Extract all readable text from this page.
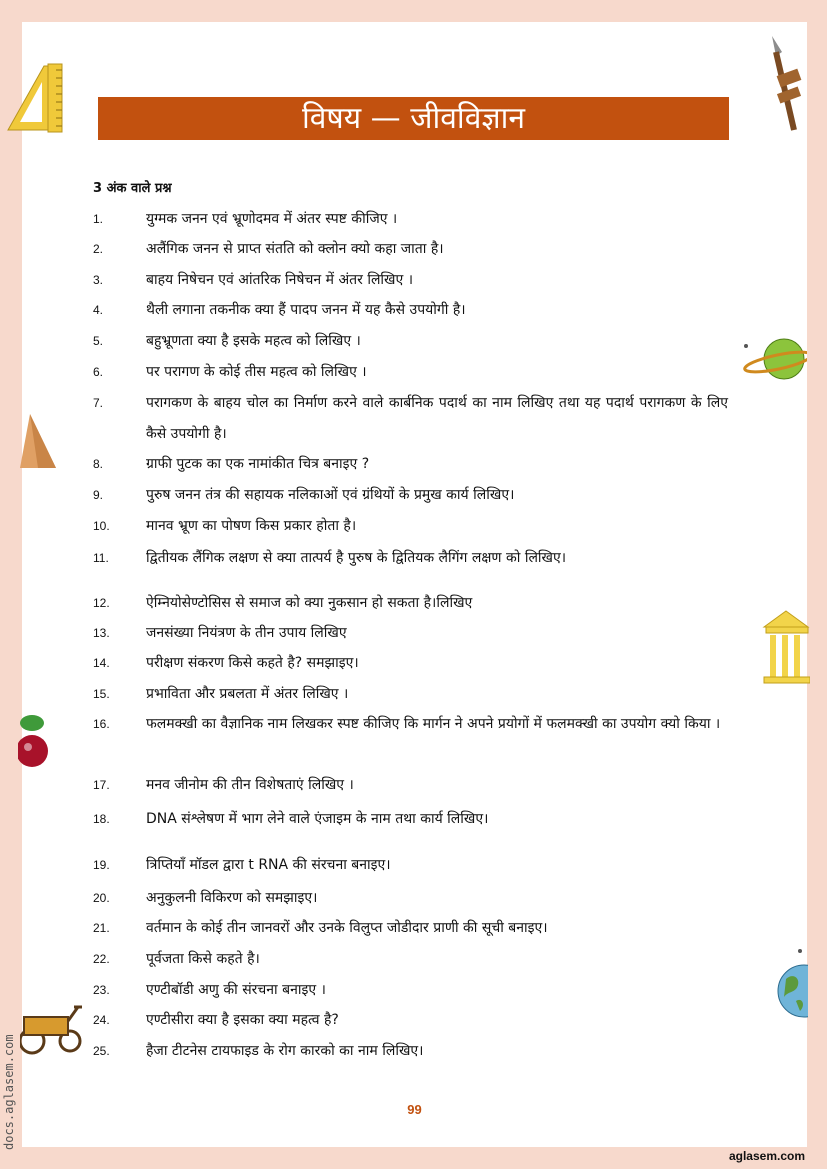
विषय — जीवविज्ञान
3 अंक वाले प्रश्न
1.	युग्मक जनन एवं भ्रूणोदमव में अंतर स्पष्ट कीजिए ।
2.	अलैंगिक जनन से प्राप्त संतति को क्लोन क्यो कहा जाता है।
3.	बाहय निषेचन एवं आंतरिक निषेचन में अंतर लिखिए ।
4.	थैली लगाना तकनीक क्या हैं पादप जनन में यह कैसे उपयोगी है।
5.	बहुभ्रूणता क्या है इसके महत्व को लिखिए ।
6.	पर परागण के कोई तीस महत्व को लिखिए ।
7.	परागकण के बाहय चोल का निर्माण करने वाले कार्बनिक पदार्थ का नाम लिखिए तथा यह पदार्थ परागकण के लिए कैसे उपयोगी है।
8.	ग्राफी पुटक का एक नामांकीत चित्र बनाइए ?
9.	पुरुष जनन तंत्र की सहायक नलिकाओं एवं ग्रंथियों के प्रमुख कार्य लिखिए।
10.	मानव भ्रूण का पोषण किस प्रकार होता है।
11.	द्वितीयक लैंगिक लक्षण से क्या तात्पर्य है पुरुष के द्वितियक लैगिंग लक्षण को लिखिए।
12.	ऐम्नियोसेण्टोसिस से समाज को क्या नुकसान हो सकता है।लिखिए
13.	जनसंख्या नियंत्रण के तीन उपाय लिखिए
14.	परीक्षण संकरण किसे कहते है? समझाइए।
15.	प्रभाविता और प्रबलता में अंतर लिखिए ।
16.	फलमक्खी का वैज्ञानिक नाम लिखकर स्पष्ट कीजिए कि मार्गन ने अपने प्रयोगों में फलमक्खी का उपयोग क्यो किया ।
17.	मनव जीनोम की तीन विशेषताएं लिखिए ।
18.	DNA संश्लेषण में भाग लेने वाले एंजाइम के नाम तथा कार्य लिखिए।
19.	त्रिप्तियाँ मॉडल द्वारा t RNA की संरचना बनाइए।
20.	अनुकुलनी विकिरण को समझाइए।
21.	वर्तमान के कोई तीन जानवरों और उनके विलुप्त जोडीदार प्राणी की सूची बनाइए।
22.	पूर्वजता किसे कहते है।
23.	एण्टीबॉडी अणु की संरचना बनाइए ।
24.	एण्टीसीरा क्या है इसका क्या महत्व है?
25.	हैजा टीटनेस टायफाइड के रोग कारको का नाम लिखिए।
99
docs.aglasem.com
aglasem.com
